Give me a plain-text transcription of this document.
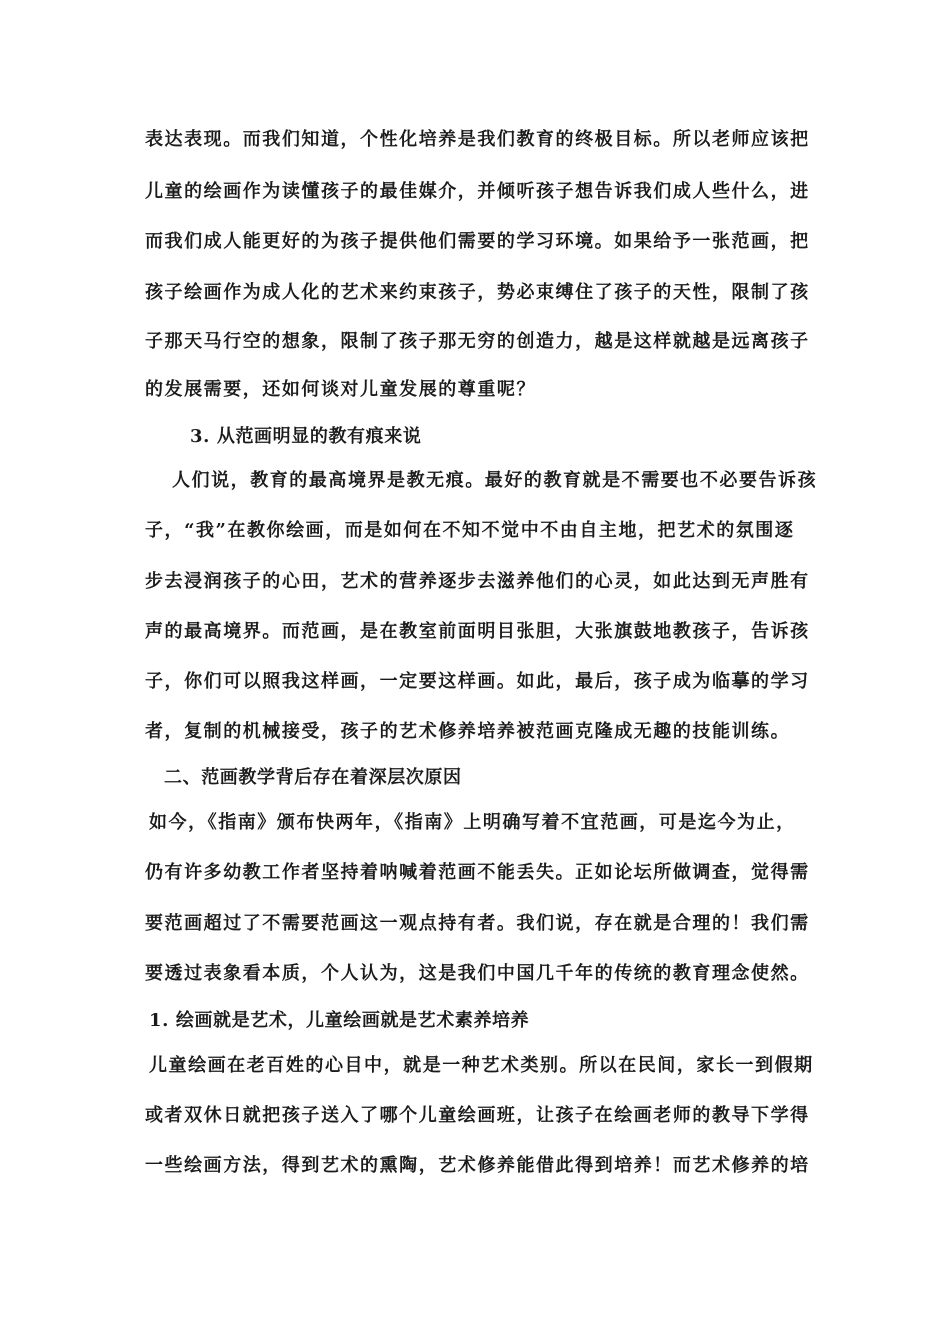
表达表现。而我们知道，个性化培养是我们教育的终极目标。所以老师应该把
儿童的绘画作为读懂孩子的最佳媒介，并倾听孩子想告诉我们成人些什么，进
而我们成人能更好的为孩子提供他们需要的学习环境。如果给予一张范画，把
孩子绘画作为成人化的艺术来约束孩子，势必束缚住了孩子的天性，限制了孩
子那天马行空的想象，限制了孩子那无穷的创造力，越是这样就越是远离孩子
的发展需要，还如何谈对儿童发展的尊重呢？
3. 从范画明显的教有痕来说
人们说，教育的最高境界是教无痕。最好的教育就是不需要也不必要告诉孩
子，“我”在教你绘画，而是如何在不知不觉中不由自主地，把艺术的氛围逐
步去浸润孩子的心田，艺术的营养逐步去滋养他们的心灵，如此达到无声胜有
声的最高境界。而范画，是在教室前面明目张胆，大张旗鼓地教孩子，告诉孩
子，你们可以照我这样画，一定要这样画。如此，最后，孩子成为临摹的学习
者，复制的机械接受，孩子的艺术修养培养被范画克隆成无趣的技能训练。
二、范画教学背后存在着深层次原因
如今，《指南》颁布快两年，《指南》上明确写着不宜范画，可是迄今为止，
仍有许多幼教工作者坚持着呐喊着范画不能丢失。正如论坛所做调查，觉得需
要范画超过了不需要范画这一观点持有者。我们说，存在就是合理的！我们需
要透过表象看本质，个人认为，这是我们中国几千年的传统的教育理念使然。
1. 绘画就是艺术，儿童绘画就是艺术素养培养
儿童绘画在老百姓的心目中，就是一种艺术类别。所以在民间，家长一到假期
或者双休日就把孩子送入了哪个儿童绘画班，让孩子在绘画老师的教导下学得
一些绘画方法，得到艺术的熏陶，艺术修养能借此得到培养！而艺术修养的培
